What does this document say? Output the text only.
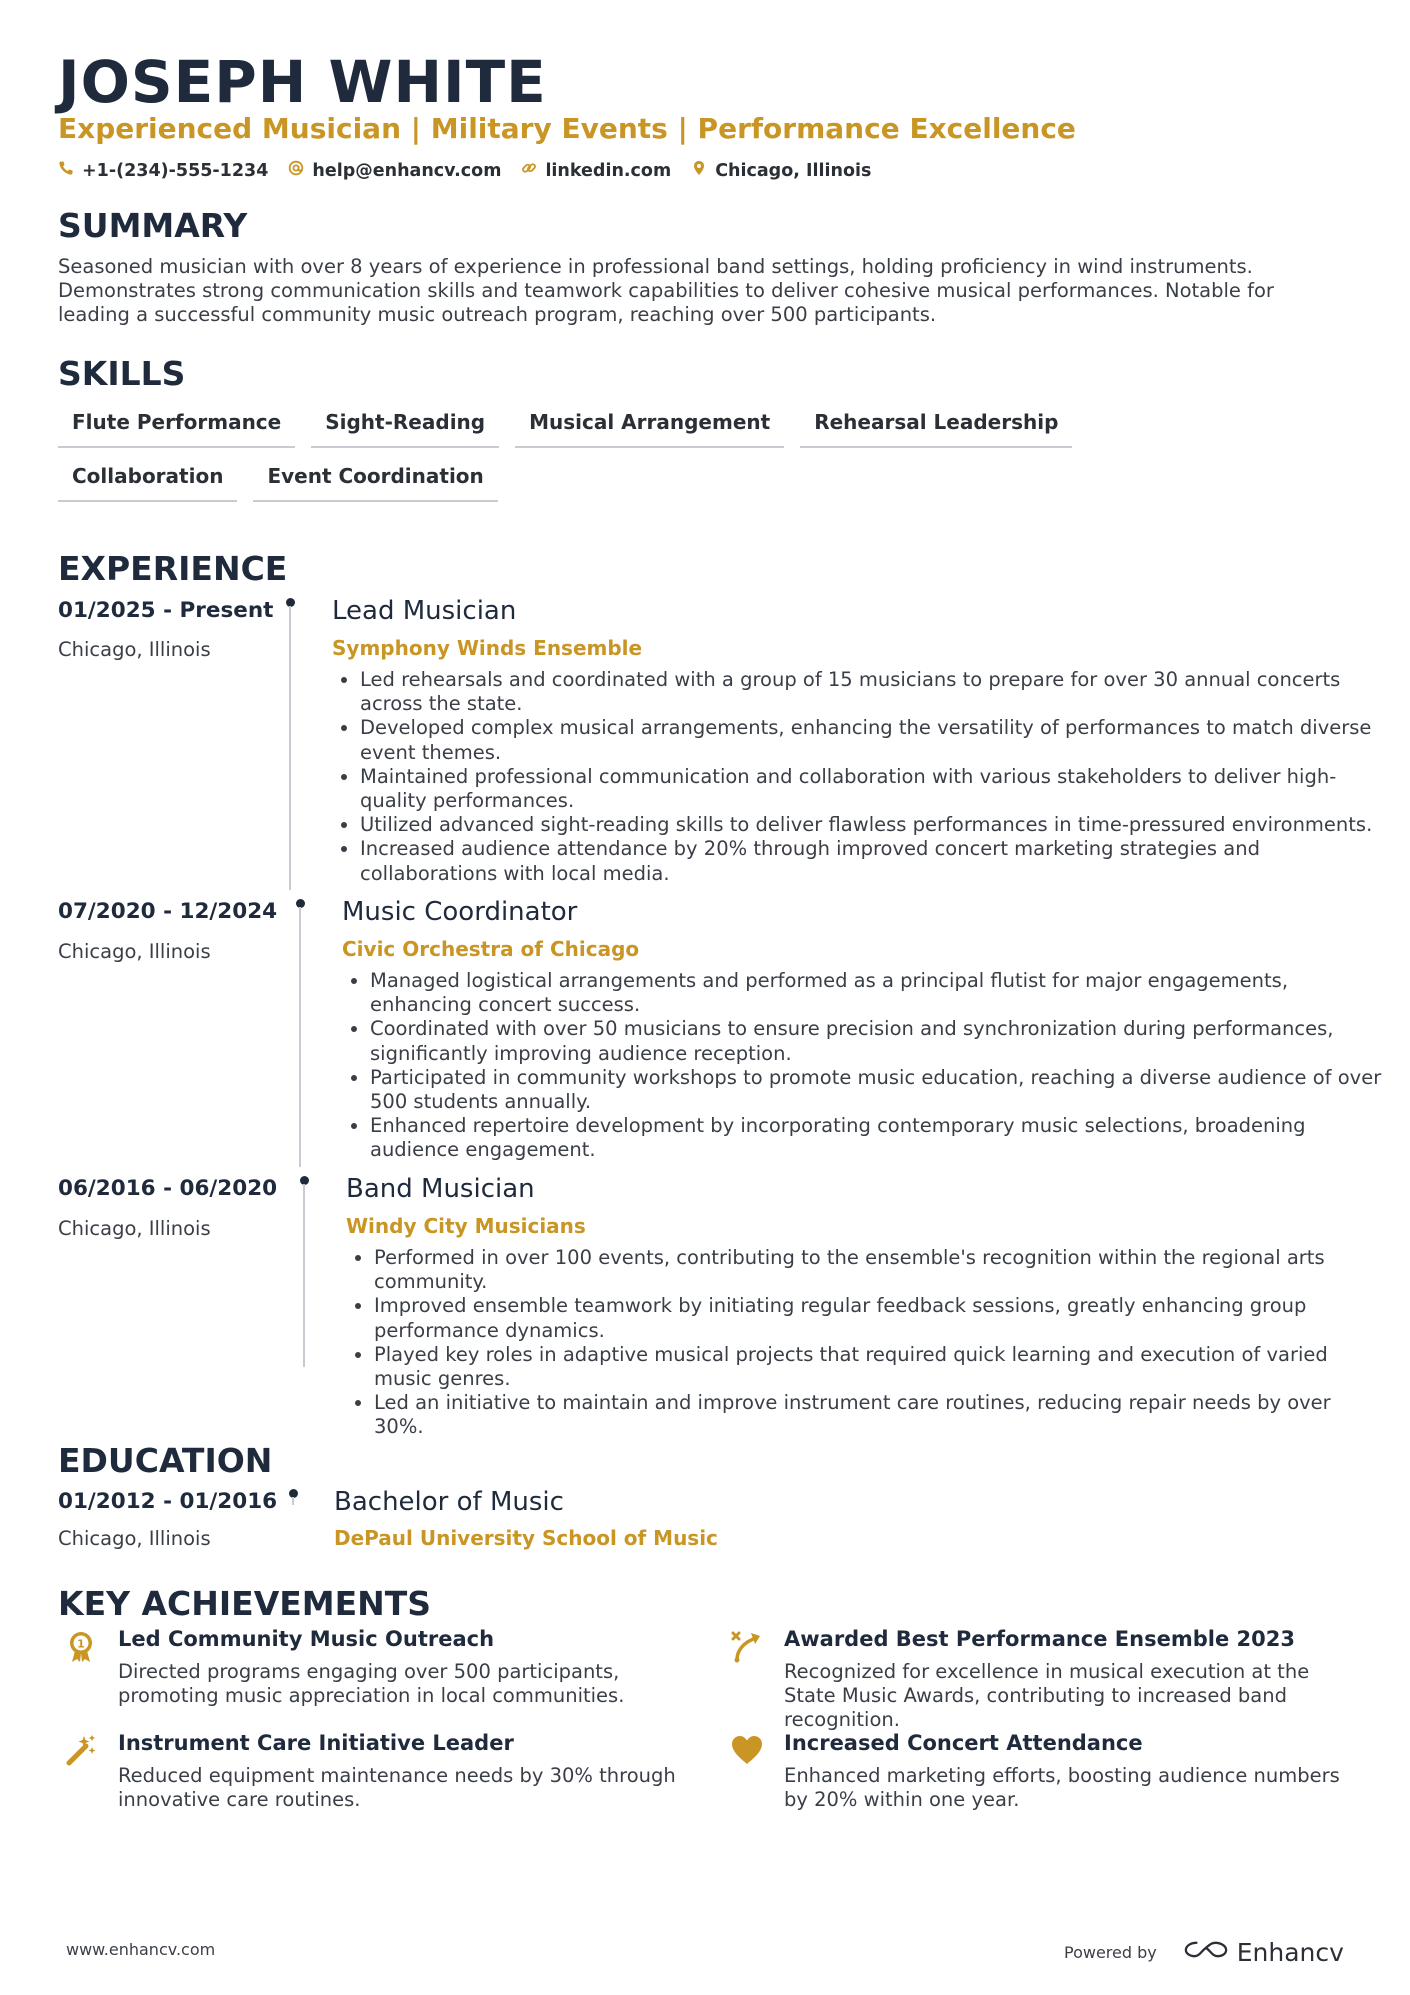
JOSEPH WHITE
Experienced Musician | Military Events | Performance Excellence
+1-(234)-555-1234	help@enhancv.com	linkedin.com	Chicago, Illinois
SUMMARY
Seasoned musician with over 8 years of experience in professional band settings, holding proficiency in wind instruments. Demonstrates strong communication skills and teamwork capabilities to deliver cohesive musical performances. Notable for leading a successful community music outreach program, reaching over 500 participants.
SKILLS
Flute Performance	Sight-Reading	Musical Arrangement	Rehearsal Leadership
Collaboration	Event Coordination
EXPERIENCE
01/2025 - Present
Chicago, Illinois
Lead Musician
Symphony Winds Ensemble
• Led rehearsals and coordinated with a group of 15 musicians to prepare for over 30 annual concerts across the state.
• Developed complex musical arrangements, enhancing the versatility of performances to match diverse event themes.
• Maintained professional communication and collaboration with various stakeholders to deliver high-quality performances.
• Utilized advanced sight-reading skills to deliver flawless performances in time-pressured environments.
• Increased audience attendance by 20% through improved concert marketing strategies and collaborations with local media.
07/2020 - 12/2024
Chicago, Illinois
Music Coordinator
Civic Orchestra of Chicago
• Managed logistical arrangements and performed as a principal flutist for major engagements, enhancing concert success.
• Coordinated with over 50 musicians to ensure precision and synchronization during performances, significantly improving audience reception.
• Participated in community workshops to promote music education, reaching a diverse audience of over 500 students annually.
• Enhanced repertoire development by incorporating contemporary music selections, broadening audience engagement.
06/2016 - 06/2020
Chicago, Illinois
Band Musician
Windy City Musicians
• Performed in over 100 events, contributing to the ensemble's recognition within the regional arts community.
• Improved ensemble teamwork by initiating regular feedback sessions, greatly enhancing group performance dynamics.
• Played key roles in adaptive musical projects that required quick learning and execution of varied music genres.
• Led an initiative to maintain and improve instrument care routines, reducing repair needs by over 30%.
EDUCATION
01/2012 - 01/2016
Chicago, Illinois
Bachelor of Music
DePaul University School of Music
KEY ACHIEVEMENTS
1 Led Community Music Outreach
Directed programs engaging over 500 participants, promoting music appreciation in local communities.
Awarded Best Performance Ensemble 2023
Recognized for excellence in musical execution at the State Music Awards, contributing to increased band recognition.
Instrument Care Initiative Leader
Reduced equipment maintenance needs by 30% through innovative care routines.
Increased Concert Attendance
Enhanced marketing efforts, boosting audience numbers by 20% within one year.
www.enhancv.com	Powered by	Enhancv
